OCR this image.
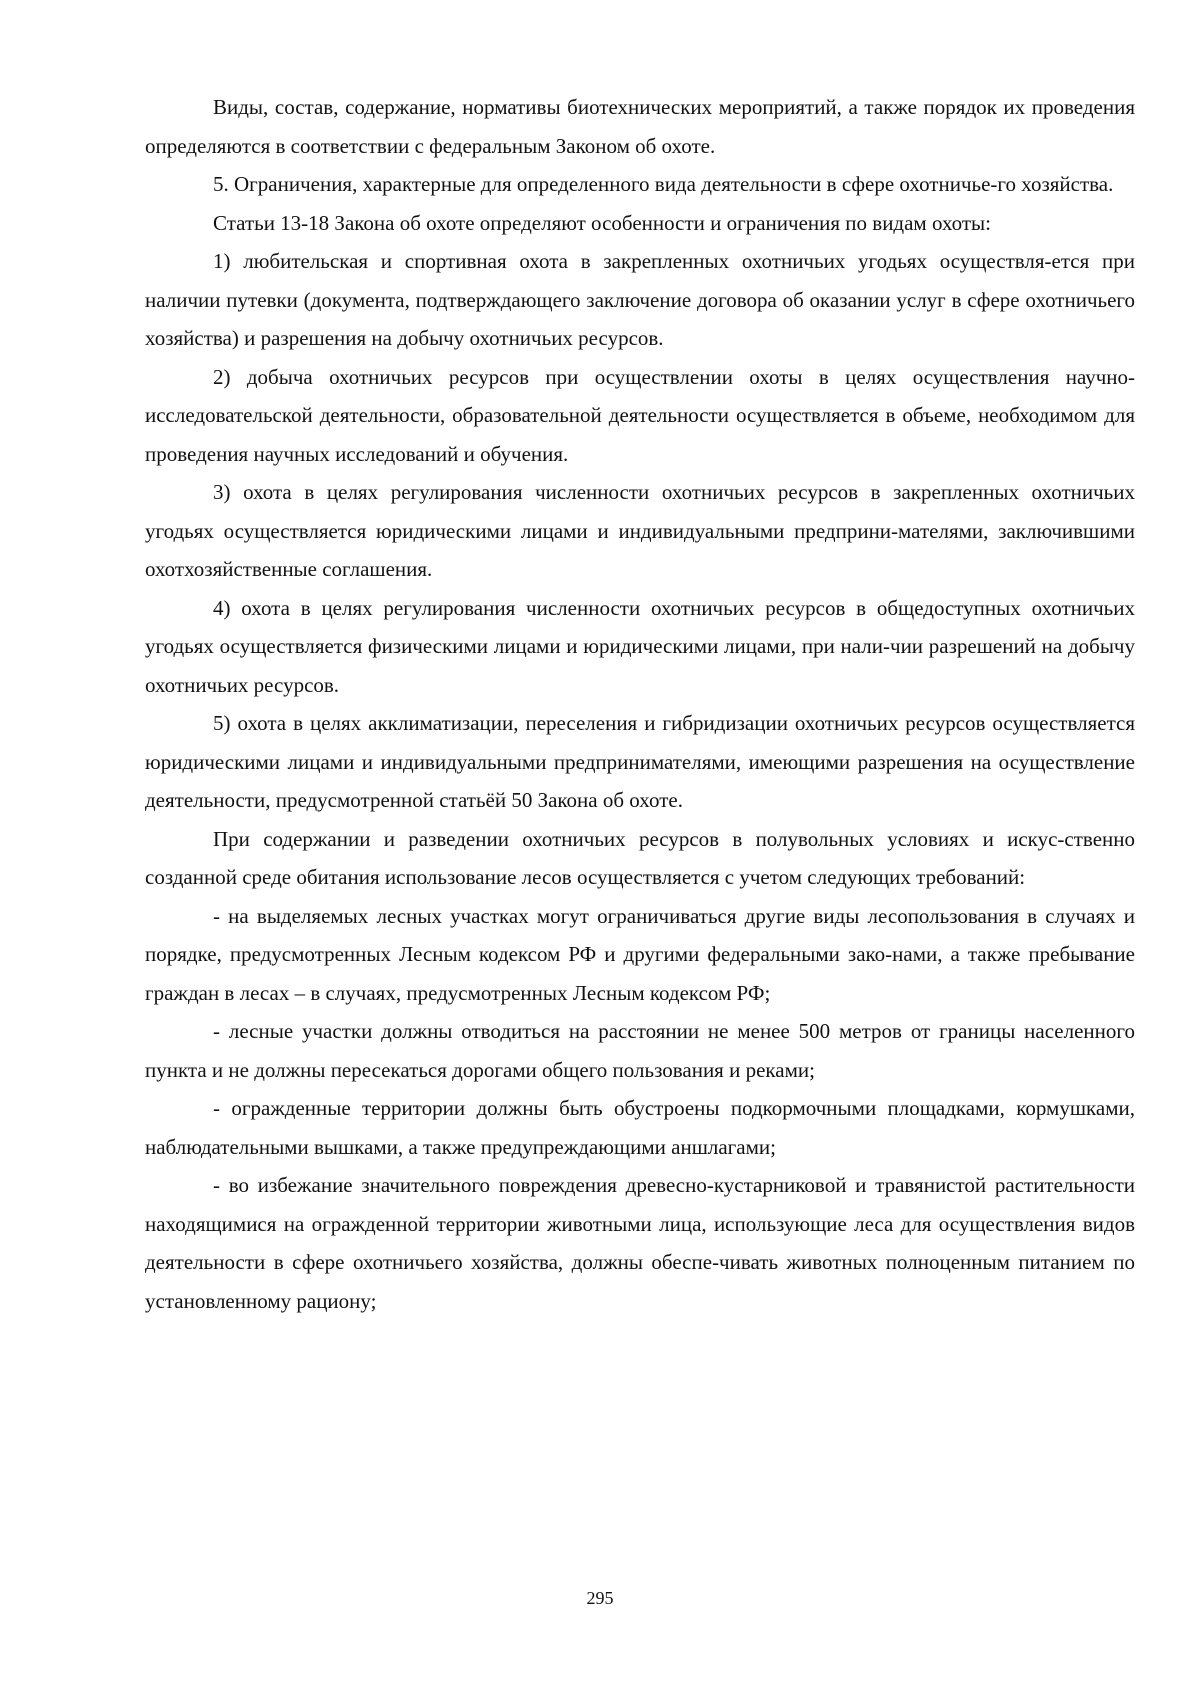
Виды, состав, содержание, нормативы биотехнических мероприятий, а также порядок их проведения определяются в соответствии с федеральным Законом об охоте.

5. Ограничения, характерные для определенного вида деятельности в сфере охотничье-го хозяйства.

Статьи 13-18 Закона об охоте определяют особенности и ограничения по видам охоты:

1) любительская и спортивная охота в закрепленных охотничьих угодьях осуществля-ется при наличии путевки (документа, подтверждающего заключение договора об оказании услуг в сфере охотничьего хозяйства) и разрешения на добычу охотничьих ресурсов.

2) добыча охотничьих ресурсов при осуществлении охоты в целях осуществления научно-исследовательской деятельности, образовательной деятельности осуществляется в объеме, необходимом для проведения научных исследований и обучения.

3) охота в целях регулирования численности охотничьих ресурсов в закрепленных охотничьих угодьях осуществляется юридическими лицами и индивидуальными предприни-мателями, заключившими охотхозяйственные соглашения.

4) охота в целях регулирования численности охотничьих ресурсов в общедоступных охотничьих угодьях осуществляется физическими лицами и юридическими лицами, при нали-чии разрешений на добычу охотничьих ресурсов.

5) охота в целях акклиматизации, переселения и гибридизации охотничьих ресурсов осуществляется юридическими лицами и индивидуальными предпринимателями, имеющими разрешения на осуществление деятельности, предусмотренной статьёй 50 Закона об охоте.

При содержании и разведении охотничьих ресурсов в полувольных условиях и искус-ственно созданной среде обитания использование лесов осуществляется с учетом следующих требований:

- на выделяемых лесных участках могут ограничиваться другие виды лесопользования в случаях и порядке, предусмотренных Лесным кодексом РФ и другими федеральными зако-нами, а также пребывание граждан в лесах – в случаях, предусмотренных Лесным кодексом РФ;

- лесные участки должны отводиться на расстоянии не менее 500 метров от границы населенного пункта и не должны пересекаться дорогами общего пользования и реками;

- огражденные территории должны быть обустроены подкормочными площадками, кормушками, наблюдательными вышками, а также предупреждающими аншлагами;

- во избежание значительного повреждения древесно-кустарниковой и травянистой растительности находящимися на огражденной территории животными лица, использующие леса для осуществления видов деятельности в сфере охотничьего хозяйства, должны обеспе-чивать животных полноценным питанием по установленному рациону;

295
